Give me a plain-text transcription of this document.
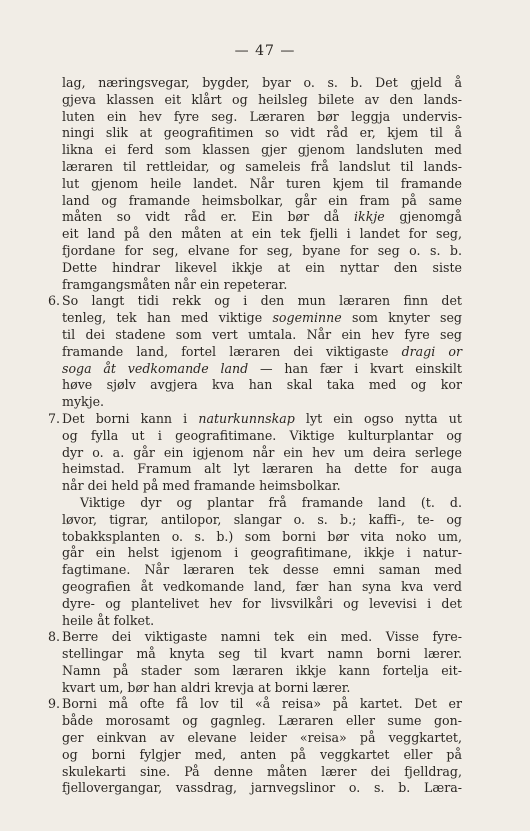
— 47 —
lag, næringsvegar, bygder, byar o. s. b. Det gjeld å
gjeva klassen eit klårt og heilsleg bilete av den lands-
luten ein hev fyre seg. Læraren bør leggja undervis-
ningi slik at geografitimen so vidt råd er, kjem til å
likna ei ferd som klassen gjer gjenom landsluten med
læraren til rettleidar, og sameleis frå landslut til lands-
lut gjenom heile landet. Når turen kjem til framande
land og framande heimsbolkar, går ein fram på same
måten so vidt råd er. Ein bør då ikkje gjenomgå
eit land på den måten at ein tek fjelli i landet for seg,
fjordane for seg, elvane for seg, byane for seg o. s. b.
Dette hindrar likevel ikkje at ein nyttar den siste
framgangsmåten når ein repeterar.
6. So langt tidi rekk og i den mun læraren finn det
tenleg, tek han med viktige sogeminne som knyter seg
til dei stadene som vert umtala. Når ein hev fyre seg
framande land, fortel læraren dei viktigaste dragi or
soga åt vedkomande land — han fær i kvart einskilt
høve sjølv avgjera kva han skal taka med og kor
mykje.
7. Det borni kann i naturkunnskap lyt ein ogso nytta ut
og fylla ut i geografitimane. Viktige kulturplantar og
dyr o. a. går ein igjenom når ein hev um deira serlege
heimstad. Framum alt lyt læraren ha dette for auga
når dei held på med framande heimsbolkar.
Viktige dyr og plantar frå framande land (t. d.
løvor, tigrar, antilopor, slangar o. s. b.; kaffi-, te- og
tobakksplanten o. s. b.) som borni bør vita noko um,
går ein helst igjenom i geografitimane, ikkje i natur-
fagtimane. Når læraren tek desse emni saman med
geografien åt vedkomande land, fær han syna kva verd
dyre- og plantelivet hev for livsvilkåri og levevisi i det
heile åt folket.
8. Berre dei viktigaste namni tek ein med. Visse fyre-
stellingar må knyta seg til kvart namn borni lærer.
Namn på stader som læraren ikkje kann fortelja eit-
kvart um, bør han aldri krevja at borni lærer.
9. Borni må ofte få lov til «å reisa» på kartet. Det er
både morosamt og gagnleg. Læraren eller sume gon-
ger einkvan av elevane leider «reisa» på veggkartet,
og borni fylgjer med, anten på veggkartet eller på
skulekarti sine. På denne måten lærer dei fjelldrag,
fjellovergangar, vassdrag, jarnvegslinor o. s. b. Læra-
